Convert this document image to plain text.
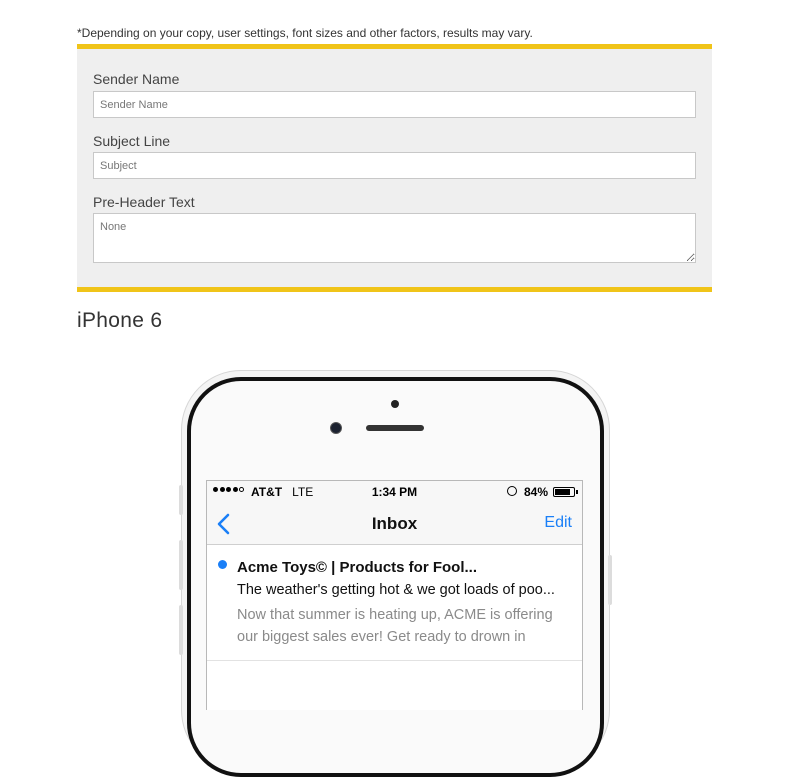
*Depending on your copy, user settings, font sizes and other factors, results may vary.
Sender Name
Sender Name
Subject Line
Subject
Pre-Header Text
None
iPhone 6
AT&T LTE	1:34 PM	84%
Inbox	Edit
Acme Toys© | Products for Fool...
The weather's getting hot & we got loads of poo...
Now that summer is heating up, ACME is offering our biggest sales ever! Get ready to drown in
